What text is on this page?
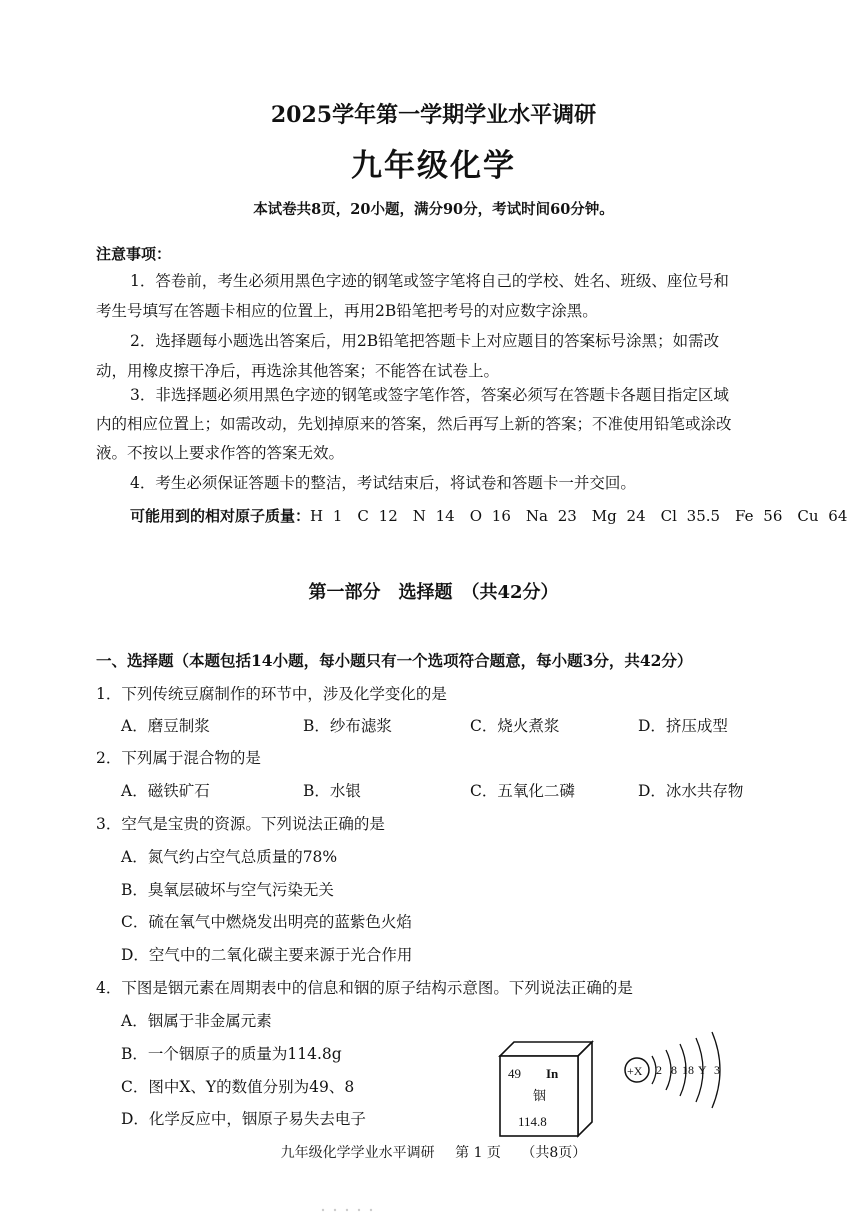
2025学年第一学期学业水平调研
九年级化学
本试卷共8页，20小题，满分90分，考试时间60分钟。
注意事项：
1．答卷前，考生必须用黑色字迹的钢笔或签字笔将自己的学校、姓名、班级、座位号和
考生号填写在答题卡相应的位置上，再用2B铅笔把考号的对应数字涂黑。
2．选择题每小题选出答案后，用2B铅笔把答题卡上对应题目的答案标号涂黑；如需改
动，用橡皮擦干净后，再选涂其他答案；不能答在试卷上。
3．非选择题必须用黑色字迹的钢笔或签字笔作答，答案必须写在答题卡各题目指定区域
内的相应位置上；如需改动，先划掉原来的答案，然后再写上新的答案；不准使用铅笔或涂改
液。不按以上要求作答的答案无效。
4．考生必须保证答题卡的整洁，考试结束后，将试卷和答题卡一并交回。
可能用到的相对原子质量：H 1　C 12　N 14　O 16　Na 23　Mg 24　Cl 35.5　Fe 56　Cu 64
第一部分　选择题　（共42分）
一、选择题（本题包括14小题，每小题只有一个选项符合题意，每小题3分，共42分）
1．下列传统豆腐制作的环节中，涉及化学变化的是
A．磨豆制浆	B．纱布滤浆	C．烧火煮浆	D．挤压成型
2．下列属于混合物的是
A．磁铁矿石	B．水银	C．五氧化二磷	D．冰水共存物
3．空气是宝贵的资源。下列说法正确的是
A．氮气约占空气总质量的78%
B．臭氧层破坏与空气污染无关
C．硫在氧气中燃烧发出明亮的蓝紫色火焰
D．空气中的二氧化碳主要来源于光合作用
4．下图是铟元素在周期表中的信息和铟的原子结构示意图。下列说法正确的是
A．铟属于非金属元素
B．一个铟原子的质量为114.8g
C．图中X、Y的数值分别为49、8
D．化学反应中，铟原子易失去电子
49 In
铟
114.8
+X 2 8 18 Y 3
九年级化学学业水平调研 第 1 页 （共8页）
